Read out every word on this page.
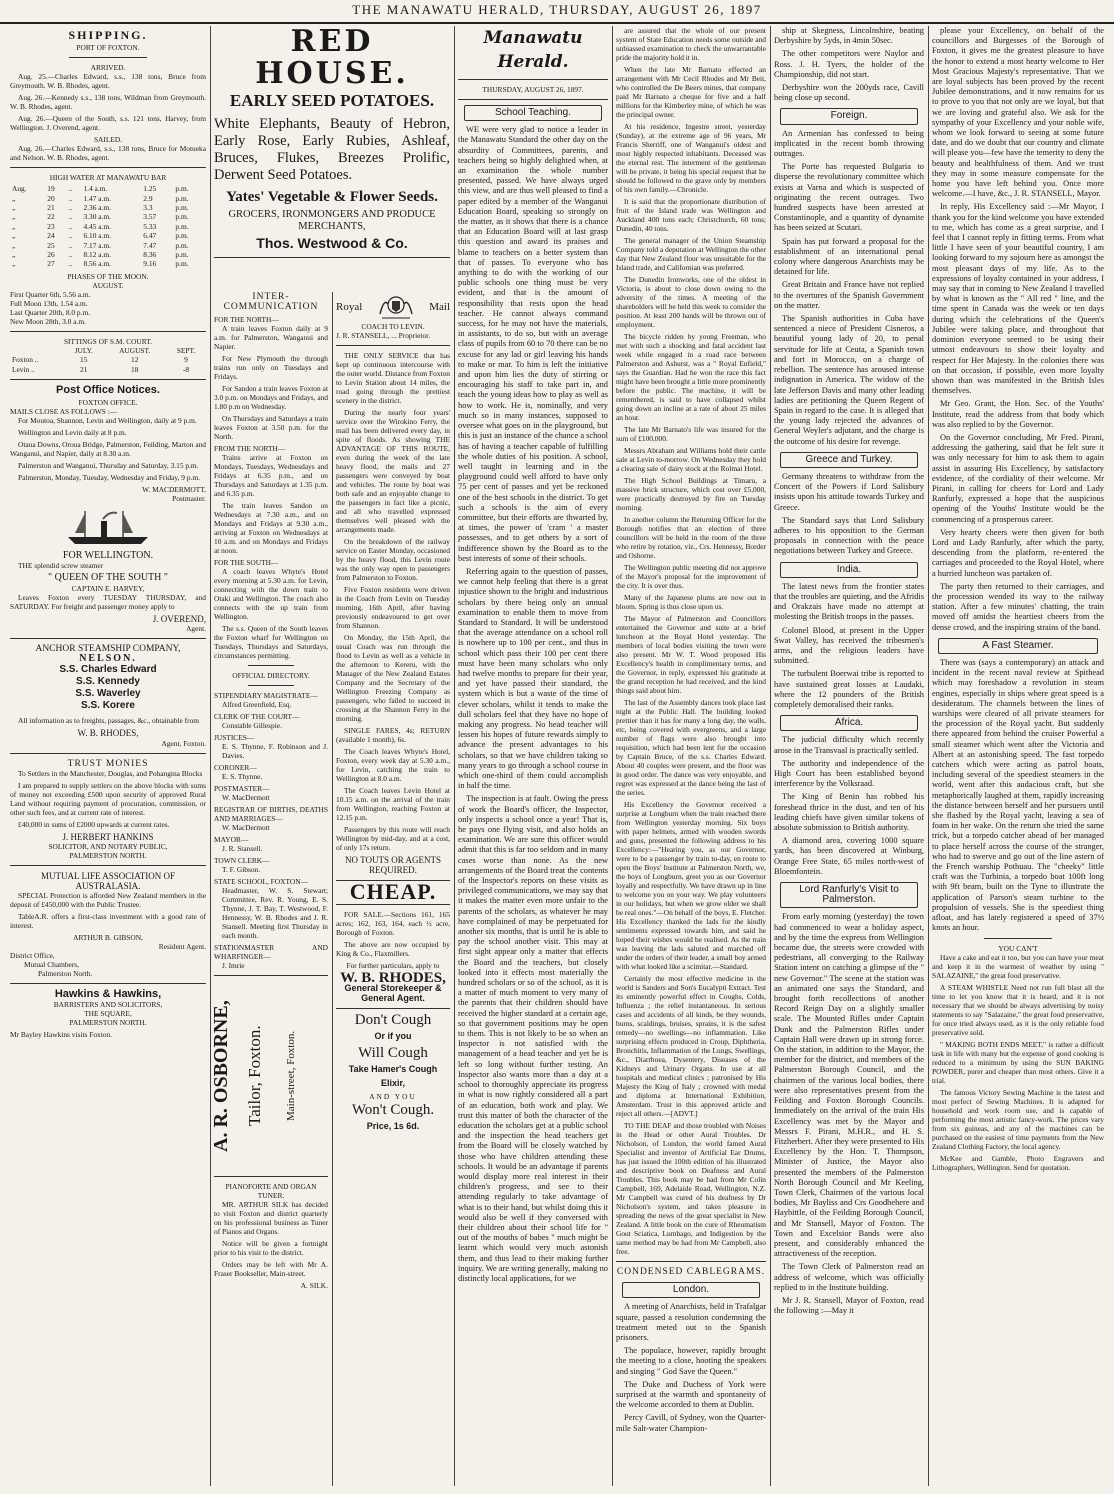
THE MANAWATU HERALD, THURSDAY, AUGUST 26, 1897
SHIPPING.
PORT OF FOXTON.
ARRIVED.

Aug. 25.—Charles Edward, s.s., 138 tons, Bruce from Greymouth. W. B. Rhodes, agent.

Aug. 26.—Kennedy s.s., 138 tons, Wildman from Greymouth. W. B. Rhodes, agent.

Aug. 26.—Queen of the South, s.s. 121 tons, Harvey, from Wellington. J. Overend, agent.

SAILED.

Aug. 26.—Charles Edward, s.s., 138 tons, Bruce for Motueka and Nelson. W. B. Rhodes, agent.

HIGH WATER AT MANAWATU BAR
Aug.	19	..	1.4 a.m.	1.25	p.m.
„	20	..	1.47 a.m.	2.9	p.m.
„	21	..	2.36 a.m.	3.3	p.m.
„	22	..	3.30 a.m.	3.57	p.m.
„	23	..	4.45 a.m.	5.33	p.m.
„	24	..	6.10 a.m.	6.47	p.m.
„	25	..	7.17 a.m.	7.47	p.m.
„	26	..	8.12 a.m.	8.36	p.m.
„	27	..	8.56 a.m.	9.16	p.m.
PHASES OF THE MOON.
AUGUST.
First Quarter 6th, 5.56 a.m.
Full Moon 13th, 1.54 a.m.
Last Quarter 20th, 8.0 p.m.
New Moon 28th, 3.0 a.m.
SITTINGS OF S.M. COURT.
	JULY.	AUGUST.	SEPT.
Foxton ..	15	12	9
Levin ..	21	18	-8
Post Office Notices.
FOXTON OFFICE.
MAILS CLOSE AS FOLLOWS :—

For Moutoa, Shannon, Levin and Wellington, daily at 9 p.m.

Wellington and Levin daily at 8 p.m.

Otaua Downs, Oroua Bridge, Palmerston, Feilding, Marton and Wanganui, and Napier, daily at 8.30 a.m.

Palmerston and Wanganui, Thursday and Saturday, 3.15 p.m.

Palmerston, Monday, Tuesday, Wednesday and Friday, 9 p.m.

W. MACDERMOTT,
Postmaster.
FOR WELLINGTON.

THE splendid screw steamer

" QUEEN OF THE SOUTH "
CAPTAIN E. HARVEY,

Leaves Foxton every TUESDAY THURSDAY, and SATURDAY. For freight and passenger money apply to

J. OVEREND,
Agent.
ANCHOR STEAMSHIP COMPANY,
NELSON.
S.S. Charles Edward
S.S. Kennedy
S.S. Waverley
S.S. Korere

All information as to freights, passages, &c., obtainable from

W. B. RHODES,
Agent, Foxton.
TRUST MONIES

To Settlers in the Manchester, Douglas, and Pohangina Blocks

I am prepared to supply settlers on the above blocks with sums of money not exceeding £500 upon security of approved Rural Land without requiring payment of procuration, commission, or other such fees, and at current rate of interest.

£40,000 in sums of £2000 upwards at current rates.

J. HERBERT HANKINS
SOLICITOR, AND NOTARY PUBLIC,
PALMERSTON NORTH.
MUTUAL LIFE ASSOCIATION OF AUSTRALASIA.

SPECIAL Protection is afforded New Zealand members in the deposit of £450,000 with the Public Trustee.

TableA.R. offers a first-class investment with a good rate of interest.

ARTHUR B. GIBSON,
Resident Agent.
District Office,
Mutual Chambers,
Palmerston North.
Hawkins & Hawkins,
BARRISTERS AND SOLICITORS,
THE SQUARE,
PALMERSTON NORTH.
Mr Bayley Hawkins visits Foxton.
RED HOUSE.
EARLY SEED POTATOES.
White Elephants, Beauty of Hebron, Early Rose, Early Rubies, Ashleaf, Bruces, Flukes, Breezes Prolific, Derwent Seed Potatoes.
Yates' Vegetable & Flower Seeds.
GROCERS, IRONMONGERS AND PRODUCE MERCHANTS,
Thos. Westwood & Co.
INTER-COMMUNICATION
FOR THE NORTH—

A train leaves Foxton daily at 9 a.m. for Palmerston, Wanganui and Napier.

For New Plymouth the through trains run only on Tuesdays and Fridays.

For Sandon a train leaves Foxton at 3.0 p.m. on Mondays and Fridays, and 1.80 p.m on Wednesday.

On Thursdays and Saturdays a train leaves Foxton at 3.50 p.m. for the North.

FROM THE NORTH—

Trains arrive at Foxton on Mondays, Tuesdays, Wednesdays and Fridays at 6.35 p.m., and on Thursdays and Saturdays at 1.35 p.m. and 6.35 p.m.

The train leaves Sandon on Wednesdays at 7.30 a.m., and on Mondays and Fridays at 9.30 a.m., arriving at Foxton on Wednesdays at 10 a.m. and on Mondays and Fridays at noon.

FOR THE SOUTH—

A coach leaves Whyte's Hotel every morning at 5.30 a.m. for Levin, connecting with the down train to Otaki and Wellington. The coach also connects with the up train from Wellington.

The s.s. Queen of the South leaves the Foxton wharf for Wellington on Tuesdays, Thursdays and Saturdays, circumstances permitting.

OFFICIAL DIRECTORY.
STIPENDIARY MAGISTRATE—
Alfred Greenfield, Esq.
CLERK OF THE COURT—
Constable Gillespie.
JUSTICES—
E. S. Thynne, F. Robinson and J. Davies.
CORONER—
E. S. Thynne.
POSTMASTER—
W. MacDermott
REGISTRAR OF BIRTHS, DEATHS AND MARRIAGES—
W. MacDermott
MAYOR—
J. R. Stansell.
TOWN CLERK—
T. F. Gibson.
STATE SCHOOL, FOXTON—
Headmaster, W. S. Stewart; Committee, Rev. R. Young, E. S. Thynne, J. T. Bay, T. Westwood, F. Hennessy, W. B. Rhodes and J. R. Stansell. Meeting first Thursday in each month.
STATIONMASTER AND WHARFINGER—
J. Imrie
A. R. OSBORNE, Tailor, Foxton. Main-street, Foxton.
PIANOFORTE AND ORGAN TUNER.

MR. ARTHUR SILK has decided to visit Foxton and district quarterly on his professional business as Tuner of Pianos and Organs.

Notice will be given a fortnight prior to his visit to the district.

Orders may be left with Mr A. Fraser Bookseller, Main-street.

A. SILK.
Royal	Mail
COACH TO LEVIN.
J. R. STANSELL, ... Proprietor.

THE ONLY SERVICE that has kept up continuous intercourse with the outer world. Distance from Foxton to Levin Station about 14 miles, the road going through the prettiest scenery in the district.

During the nearly four years' service over the Wirokino Ferry, the mail has been delivered every day, in spite of floods. As showing THE ADVANTAGE OF THIS ROUTE, even during the week of the late heavy flood, the mails and 27 passengers were conveyed by boat and vehicles. The route by boat was both safe and an enjoyable change to the passengers in fact like a picnic, and all who travelled expressed themselves well pleased with the arrangements made.

On the breakdown of the railway service on Easter Monday, occasioned by the heavy flood, this Levin route was the only way open to passengers from Palmerston to Foxton.

Five Foxton residents were driven in the Coach from Levin on Tuesday morning, 16th April, after having previously endeavoured to get over from Shannon.

On Monday, the 15th April, the usual Coach was run through the flood to Levin as well as a vehicle in the afternoon to Kereru, with the Manager of the New Zealand Estates Company and the Secretary of the Wellington Freezing Company as passengers, who failed to succeed in crossing at the Shannon Ferry in the morning.

SINGLE FARES, 4s; RETURN (available 1 month), 6s.

The Coach leaves Whyte's Hotel, Foxton, every week day at 5.30 a.m., for Levin, catching the train to Wellington at 8.0 a.m.

The Coach leaves Levin Hotel at 10.15 a.m. on the arrival of the train from Wellington, reaching Foxton at 12.15 p.m.

Passengers by this route will reach Wellington by mid-day, and at a cost, of only 17s return.

NO TOUTS OR AGENTS REQUIRED.
CHEAP.

FOR SALE.—Sections 161, 165 acres; 162, 163, 164, each ½ acre, Borough of Foxton.

The above are now occupied by King & Co., Flaxmillers.

For further particulars, apply to

W. B. RHODES,
General Storekeeper & General Agent.
Don't Cough
Or if you
Will Cough
Take Hamer's Cough
Elixir,
AND YOU
Won't Cough.
Price, 1s 6d.
Manawatu Herald.
THURSDAY, AUGUST 26, 1897.
School Teaching.

WE were very glad to notice a leader in the Manawatu Standard the other day on the absurdity of Committees, parents, and teachers being so highly delighted when, at an examination the whole number presented, passed. We have always urged this view, and are thus well pleased to find a paper edited by a member of the Wanganui Education Board, speaking so strongly on the matter, as it shows that there is a chance that an Education Board will at last grasp this question and award its praises and blame to teachers on a better system than that of passes. To everyone who has anything to do with the working of our public schools one thing must be very evident, and that is the amount of responsibility that rests upon the head teacher. He cannot always command success, for he may not have the materials, in assistants, to do so, but with an average class of pupils from 60 to 70 there can be no excuse for any lad or girl leaving his hands to make or mar. To him is left the initiative and upon him lies the duty of stirring or encouraging his staff to take part in, and teach the young ideas how to play as well as how to work. He is, nominally, and very much so in many instances, supposed to oversee what goes on in the playground, but this is just an instance of the chance a school has of having a teacher capable of fulfilling the whole duties of his position. A school, well taught in learning and in the playground could well afford to have only 75 per cent of passes and yet be reckoned one of the best schools in the district. To get such a schools is the aim of every committee, but their efforts are thwarted by, at times, the power of 'cram ' a master possesses, and to get others by a sort of indifference shown by the Board as to the best interests of some of their schools.

Referring again to the question of passes, we cannot help feeling that there is a great injustice shown to the bright and industrious scholars by there being only an annual examination to enable them to move from Standard to Standard. It will be understood that the average attendance on a school roll is nowhere up to 100 per cent., and thus in school which pass their 100 per cent there must have been many scholars who only had twelve months to prepare for their year, and yet have passed their standard, the system which is but a waste of the time of clever scholars, whilst it tends to make the dull scholars feel that they have no hope of making any progress. No head teacher will lessen his hopes of future rewards simply to advance the present advantages to his scholars, so that we have children taking so many years to go through a school course in which one-third of them could accomplish in half the time.

The inspection is at fault. Owing the press of work the Board's officer, the Inspector, only inspects a school once a year! That is, he pays one flying visit, and also holds an examination. We are sure this officer would admit that this is far too seldom and in many cases worse than none. As the new arrangements of the Board treat the contents of the Inspector's reports on these visits as privileged communications, we may say that it makes the matter even more unfair to the parents of the scholars, as whatever he may have complained of may be perpetuated for another six months, that is until he is able to pay the school another visit. This may at first sight appear only a matter that effects the Board and the teachers, but closely looked into it effects most materially the hundred scholars or so of the school, as it is a matter of much moment to very many of the parents that their children should have received the higher standard at a certain age, so that government positions may be open to them. This is not likely to be so when an Inspector is not satisfied with the management of a head teacher and yet he is left so long without further testing. An Inspector also wants more than a day at a school to thoroughly appreciate its progress in what is now rightly considered all a part of an education, both work and play. We trust this matter of both the character of the education the scholars get at a public school and the inspection the head teachers get from the Board will be closely watched by those who have children attending these schools. It would be an advantage if parents would display more real interest in their children's progress, and see to their attending regularly to take advantage of what is to their hand, but whilst doing this it would also be well if they conversed with their children about their school life for " out of the mouths of babes " much might be learnt which would very much astonish them, and thus lead to their making further inquiry. We are writing generally, making no distinctly local applications, for we

are assured that the whole of our present system of State Education needs some outside and unbiassed examination to check the unwarrantable pride the majority hold it in.

When the late Mr Barnato effected an arrangement with Mr Cecil Rhodes and Mr Beit, who controlled the De Beers mines, that company paid Mr Barnato a cheque for five and a half millions for the Kimberley mine, of which he was the principal owner.

At his residence, Ingestre street, yesterday (Sunday), at the extreme age of 96 years, Mr Francis Sherriff, one of Wanganui's oldest and most highly respected inhabitants. Deceased was the eternal rest. The interment of the gentleman will be private, it being his special request that he should be followed to the grave only by members of his own family.—Chronicle.

It is said that the proportionate distribution of fruit of the Island trade was Wellington and Auckland 400 tons each; Christchurch, 60 tons; Dunedin, 40 tons.

The general manager of the Union Steamship Company told a deputation at Wellington the other day that New Zealand flour was unsuitable for the Island trade, and Californian was preferred.

The Dunedin Ironworks, one of the oldest in Victoria, is about to close down owing to the adversity of the times. A meeting of the shareholders will be held this week to consider the position. At least 200 hands will be thrown out of employment.

The bicycle ridden by young Freeman, who met with such a shocking and fatal accident last week while engaged in a road race between Palmerston and Ashurst, was a " Royal Enfield," says the Guardian. Had he won the race this fact might have been brought a little more prominently before the public. The machine, it will be remembered, is said to have collapsed whilst going down an incline at a rate of about 25 miles an hour.

The late Mr Barnato's life was insured for the sum of £100,000.

Messrs Abraham and Williams hold their cattle sale at Levin to-morrow. On Wednesday they hold a clearing sale of dairy stock at the Rolmai Hotel.

The High School Buildings at Timaru, a massive brick structure, which cost over £5,000, were practically destroyed by fire on Tuesday morning.

In another column the Returning Officer for the Borough notifies that an election of three councillors will be held in the room of the three who retire by rotation, viz., Crs. Hennessy, Border and Osborne.

The Wellington public meeting did not approve of the Mayor's proposal for the improvement of the city. It is over thus.

Many of the Japanese plums are now out in bloom. Spring is thus close upon us.

The Mayor of Palmerston and Councillors entertained the Governor and suite at a brief luncheon at the Royal Hotel yesterday. The members of local bodies visiting the town were also present. Mr W. T. Wood proposed His Excellency's health in complimentary terms, and the Governor, in reply, expressed his gratitude at the grand reception he had received, and the kind things said about him.

The last of the Assembly dances took place last night at the Public Hall. The building looked prettier than it has for many a long day, the walls, etc, being covered with evergreens, and a large number of flags were also brought into requisition, which had been lent for the occasion by Captain Bruce, of the s.s. Charles Edward. About 40 couples were present, and the floor was in good order. The dance was very enjoyable, and regret was expressed at the dance being the last of the series.

His Excellency the Governor received a surprise at Longburn when the train reached there from Wellington yesterday morning. Six boys with paper helmets, armed with wooden swords and guns, presented the following address to his Excellency:—"Hearing you, as our Governor, were to be a passenger by train to-day, en route to open the Boys' Institute at Palmerston North, we, the boys of Longburn, greet you as our Governor loyally and respectfully. We have drawn up in line to welcome you on your way. We play volunteers in our holidays, but when we grow older we shall be real ones."—On behalf of the boys, E. Fletcher. His Excellency thanked the lads for the kindly sentiments expressed towards him, and said he hoped their wishes would be realised. As the train was leaving the lads saluted and marched off under the orders of their leader, a small boy armed with what looked like a scimitar.—Standard.

Certainly the most effective medicine in the world is Sanders and Son's Eucalypti Extract. Test its eminently powerful effect in Coughs, Colds, Influenza ; the relief instantaneous. In serious cases and accidents of all kinds, be they wounds, burns, scaldings, bruises, sprains, it is the safest remedy—no swellings—no inflammation. Like surprising effects produced in Croup, Diphtheria, Bronchitis, Inflammation of the Lungs, Swellings, &c., Diarrhoea, Dysentery, Diseases of the Kidneys and Urinary Organs. In use at all hospitals and medical clinics ; patronised by His Majesty the King of Italy ; crowned with medal and diploma at International Exhibition, Amsterdam. Trust in this approved article and reject all others.—[ADVT.]

TO THE DEAF and those troubled with Noises in the Head or other Aural Troubles. Dr Nicholson, of London, the world famed Aural Specialist and inventor of Artificial Ear Drums, has just issued the 100th edition of his illustrated and descriptive book on Deafness and Aural Troubles. This book may be had from Mr Colin Campbell, 169, Adelaide Road, Wellington, N.Z. Mr Campbell was cured of his deafness by Dr Nicholson's system, and takes pleasure in spreading the news of the great specialist in New Zealand. A little book on the cure of Rheumatism Gout Sciatica, Lumbago, and Indigestion by the same method may be had from Mr Campbell, also free.

CONDENSED CABLEGRAMS.
London.

A meeting of Anarchists, held in Trafalgar square, passed a resolution condemning the treatment meted out to the Spanish prisoners.

The populace, however, rapidly brought the meeting to a close, hooting the speakers and singing " God Save the Queen."

The Duke and Duchess of York were surprised at the warmth and spontaneity of the welcome accorded to them at Dublin.

Percy Cavill, of Sydney, won the Quarter-mile Salt-water Champion-

ship at Skegness, Lincolnshire, beating Derbyshire by 5yds, in 4min 50sec.

The other competitors were Naylor and Ross. J. H. Tyers, the holder of the Championship, did not start.

Derbyshire won the 200yds race, Cavill being close up second.

Foreign.

An Armenian has confessed to being implicated in the recent bomb throwing outrages.

The Porte has requested Bulgaria to disperse the revolutionary committee which exists at Varna and which is suspected of originating the recent outrages. Two hundred suspects have been arrested at Constantinople, and a quantity of dynamite has been seized at Scutari.

Spain has put forward a proposal for the establishment of an international penal colony where dangerous Anarchists may be detained for life.

Great Britain and France have not replied to the overtures of the Spanish Government on the matter.

The Spanish authorities in Cuba have sentenced a niece of President Cisneros, a beautiful young lady of 20, to penal servitude for life at Ceuta, a Spanish town and fort in Morocco, on a charge of rebellion. The sentence has aroused intense indignation in America. The widow of the late Jefferson Davis and many other leading ladies are petitioning the Queen Regent of Spain in regard to the case. It is alleged that the young lady rejected the advances of General Weyler's adjutant, and the charge is the outcome of his desire for revenge.

Greece and Turkey.

Germany threatens to withdraw from the Concert of the Powers if Lord Salisbury insists upon his attitude towards Turkey and Greece.

The Standard says that Lord Salisbury adheres to his opposition to the German proposals in connection with the peace negotiations between Turkey and Greece.

India.

The latest news from the frontier states that the troubles are quieting, and the Afridis and Orakzais have made no attempt at molesting the British troops in the passes.

Colonel Blood, at present in the Upper Swat Valley, has received the tribesmen's arms, and the religious leaders have submitted.

The turbulent Boerwai tribe is reported to have sustained great losses at Laudaki, where the 12 pounders of the British completely demoralised their ranks.

Africa.

The judicial difficulty which recently arose in the Transvaal is practically settled.

The authority and independence of the High Court has been established beyond interference by the Volksraad.

The King of Benin has robbed his foreshead thrice in the dust, and ten of his leading chiefs have given similar tokens of absolute submission to British authority.

A diamond area, covering 1000 square yards, has been discovered at Winburg, Orange Free State, 65 miles north-west of Bloemfontein.

Lord Ranfurly's Visit to Palmerston.

From early morning (yesterday) the town had commenced to wear a holiday aspect, and by the time the express from Wellington became due, the streets were crowded with pedestrians, all converging to the Railway Station intent on catching a glimpse of the " new Governor." The scene at the station was an animated one says the Standard, and brought forth recollections of another Record Reign Day on a slightly smaller scale. The Mounted Rifles under Captain Dunk and the Palmerston Rifles under Captain Hall were drawn up in strong force. On the station, in addition to the Mayor, the member for the district, and members of the Palmerston Borough Council, and the chairmen of the various local bodies, there were also representatives present from the Feilding and Foxton Borough Councils. Immediately on the arrival of the train His Excellency was met by the Mayor and Messrs F. Pirani, M.H.R., and H. S. Fitzherbert. After they were presented to His Excellency by the Hon. T. Thompson, Minister of Justice, the Mayor also presented the members of the Palmerston North Borough Council and Mr Keeling, Town Clerk, Chairmen of the various local bodies, Mr Bayliss and Crs Goodbehere and Haybittle, of the Feilding Borough Council, and Mr Stansell, Mayor of Foxton. The Town and Excelsior Bands were also present, and considerably enhanced the attractiveness of the reception.

The Town Clerk of Palmerston read an address of welcome, which was officially replied to in the Institute building.

Mr J. R. Stansell, Mayor of Foxton, read the following :—May it

please your Excellency, on behalf of the councillors and Burgesses of the Borough of Foxton, it gives me the greatest pleasure to have the honor to extend a most hearty welcome to Her Most Gracious Majesty's representative. That we are loyal subjects has been proved by the recent Jubilee demonstrations, and it now remains for us to prove to you that not only are we loyal, but that we are loving and grateful also. We ask for the sympathy of your Excellency and your noble wife, whom we look forward to seeing at some future date, and do we doubt that our country and climate will please you—few have the temerity to deny the beauty and healthfulness of them. And we trust they may in some measure compensate for the home you have left behind you. Once more welcome.—I have, &c., J. R. STANSELL, Mayor.

In reply, His Excellency said :—Mr Mayor, I thank you for the kind welcome you have extended to me, which has come as a great surprise, and I feel that I cannot reply in fitting terms. From what little I have seen of your beautiful country, I am looking forward to my sojourn here as amongst the most pleasant days of my life. As to the expressions of loyalty contained in your address, I may say that in coming to New Zealand I travelled by what is known as the " All red " line, and the time spent in Canada was the week or ten days during which the celebrations of the Queen's Jubilee were taking place, and throughout that dominion everyone seemed to be using their utmost endeavours to show their loyalty and respect for Her Majesty. In the colonies there was on that occasion, if possible, even more loyalty shown than was manifested in the British Isles themselves.

Mr Geo. Grant, the Hon. Sec. of the Youths' Institute, read the address from that body which was also replied to by the Governor.

On the Governor concluding, Mr Fred. Pirani, addressing the gathering, said that he felt sure it was only necessary for him to ask them to again assist in assuring His Excellency, by satisfactory evidence, of the cordiality of their welcome. Mr Pirani, in calling for cheers for Lord and Lady Ranfurly, expressed a hope that the auspicious opening of the Youths' Institute would be the commencing of a prosperous career.

Very hearty cheers were then given for both Lord and Lady Ranfurly, after which the party, descending from the platform, re-entered the carriages and proceeded to the Royal Hotel, where a hurried luncheon was partaken of.

The party then returned to their carriages, and the procession wended its way to the railway station. After a few minutes' chatting, the train moved off amidst the heartiest cheers from the dense crowd, and the inspiring strains of the band.

A Fast Steamer.

There was (says a contemporary) an attack and incident in the recent naval review at Spithead which may foreshadow a revolution in steam engines, especially in ships where great speed is a desideratum. The channels between the lines of warships were cleared of all private steamers for the procession of the Royal yacht. But suddenly there appeared from behind the cruiser Powerful a small steamer which went after the Victoria and Albert at an astonishing speed. The fast torpedo catchers which were acting as patrol boats, including several of the speediest steamers in the world, went after this audacious craft, but she metaphorically laughed at them, rapidly increasing the distance between herself and her pursuers until she flashed by the Royal yacht, leaving a sea of foam in her wake. On the return she tried the same trick, but a torpedo catcher ahead of her managed to place herself across the course of the stranger, who had to swerve and go out of the line astern of the French warship Pothuau. The "cheeky" little craft was the Turbinia, a torpedo boat 100ft long with 9ft beam, built on the Tyne to illustrate the application of Parson's steam turbine to the propulsion of vessels. She is the speediest thing afloat, and has lately registered a speed of 37½ knots an hour.

YOU CAN'T

Have a cake and eat it too, but you can have your meat and keep it in the warmest of weather by using " SALAZAINE," the great food preservative.

A STEAM WHISTLE Need not run full blast all the time to let you know that it is heard, and it is not necessary that we should be always advertising by noisy statements to say "Salazaine," the great food preservative, for once tried always used, as it is the only reliable food preservative sold.

" MAKING BOTH ENDS MEET," is rather a difficult task in life with many but the expense of good cooking is reduced to a minimum by using the SUN BAKING POWDER, purer and cheaper than most others. Give it a trial.

The famous Victory Sewing Machine is the latest and most perfect of Sewing Machines. It is adapted for household and work room use, and is capable of performing the most artistic fancy-work. The prices vary from six guineas, and any of the machines can be purchased on the easiest of time payments from the New Zealand Clothing Factory, the local agency.

McKee and Gamble, Photo Engravers and Lithographers, Wellington. Send for quotation.
